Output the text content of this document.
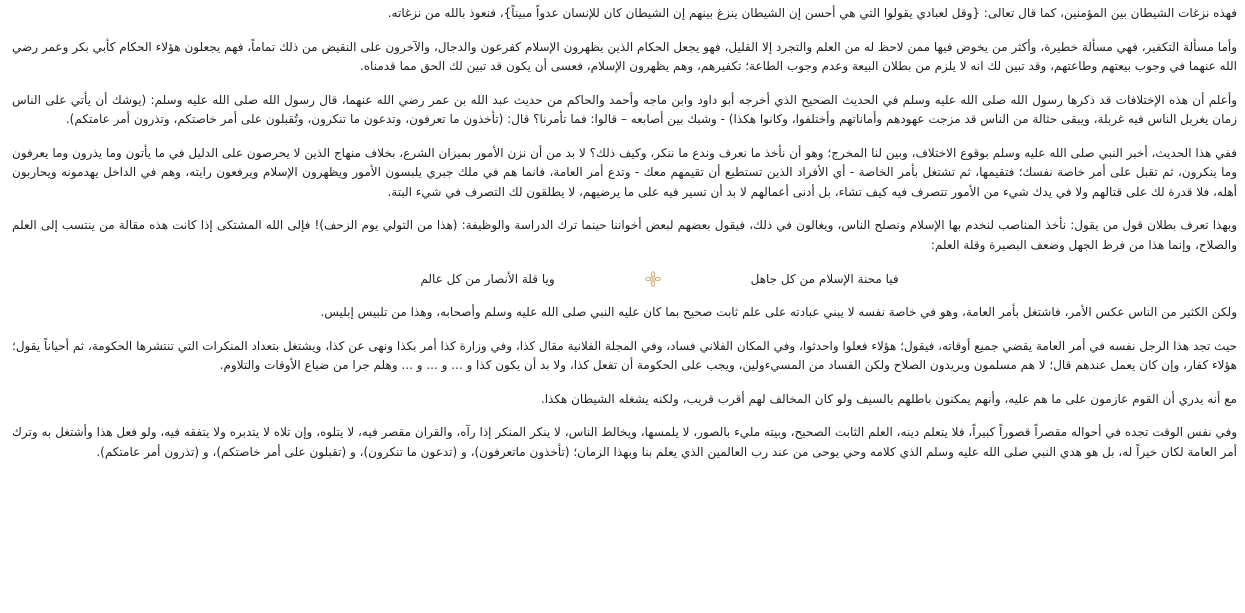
فهذه نزغات الشيطان بين المؤمنين، كما قال تعالى: {وقل لعبادي يقولوا التي هي أحسن إن الشيطان ينزغ بينهم إن الشيطان كان للإنسان عدواً مبيناً}، فنعوذ بالله من نزغاته.

وأما مسألة التكفير، فهي مسألة خطيرة، وأكثر من يخوض فيها ممن لاحظ له من العلم والتجرد إلا القليل، فهو يجعل الحكام الذين يظهرون الإسلام كفرعون والدجال، والآخرون على النقيض من ذلك تماماً، فهم يجعلون هؤلاء الحكام كأبي بكر وعمر رضي الله عنهما في وجوب بيعتهم وطاعتهم، وقد تبين لك انه لا يلزم من بطلان البيعة وعدم وجوب الطاعة؛ تكفيرهم، وهم يظهرون الإسلام، فعسى أن يكون قد تبين لك الحق مما قدمناه.

وأعلم أن هذه الإختلافات قد ذكرها رسول الله صلى الله عليه وسلم في الحديث الصحيح الذي أخرجه أبو داود وابن ماجه وأحمد والحاكم من حديث عبد الله بن عمر رضي الله عنهما، قال رسول الله صلى الله عليه وسلم: (يوشك أن يأتي على الناس زمان يغربل الناس فيه غربلة، ويبقى حثالة من الناس قد مزجت عهودهم وأماناتهم وأختلفوا، وكانوا هكذا) - وشبك بين أصابعه – قالوا: فما تأمرنا؟ قال: (تأخذون ما تعرفون، وتدعون ما تنكرون، وتُقبلون على أمر خاصتكم، وتذرون أمر عامتكم).

ففي هذا الحديث، أخبر النبي صلى الله عليه وسلم بوقوع الاختلاف، وبين لنا المخرج؛ وهو أن نأخذ ما نعرف وندع ما ننكر، وكيف ذلك؟ لا بد من أن نزن الأمور بميزان الشرع، بخلاف منهاج الذين لا يحرصون على الدليل في ما يأتون وما يذرون وما يعرفون وما ينكرون، ثم تقبل على أمر خاصة نفسك؛ فتقيمها، ثم تشتغل بأمر الخاصة - أي الأفراد الذين تستطيع أن تقيمهم معك - وتدع أمر العامة، فانما هم في ملك جبري يلبسون الأمور ويظهرون الإسلام ويرفعون رايته، وهم في الداخل يهدمونه ويحاربون أهله، فلا قدرة لك على قتالهم ولا في يدك شيء من الأمور تتصرف فيه كيف تشاء، بل أدنى أعمالهم لا بد أن تسير فيه على ما يرضيهم، لا يطلقون لك التصرف في شيء البتة.

وبهذا تعرف بطلان قول من يقول: نأخذ المناصب لنخدم بها الإسلام ونصلح الناس، ويغالون في ذلك، فيقول بعضهم لبعض أخواننا حينما ترك الدراسة والوظيفة: (هذا من التولي يوم الزحف)! فإلى الله المشتكى إذا كانت هذه مقالة من ينتسب إلى العلم والصلاح، وإنما هذا من فرط الجهل وضعف البصيرة وقلة العلم:

فيا محنة الإسلام من كل جاهل
ويا قلة الأنصار من كل عالم

ولكن الكثير من الناس عكس الأمر، فاشتغل بأمر العامة، وهو في خاصة نفسه لا يبني عبادته على علم ثابت صحيح بما كان عليه النبي صلى الله عليه وسلم وأصحابه، وهذا من تلبيس إبليس.

حيث تجد هذا الرجل نفسه في أمر العامة يقضي جميع أوقاته، فيقول؛ هؤلاء فعلوا واحدثوا، وفي المكان الفلاني فساد، وفي المجلة الفلانية مقال كذا، وفي وزارة كذا أمر بكذا ونهى عن كذا، ويشتغل بتعداد المنكرات التي تنتشرها الحكومة، ثم أحياناً يقول؛ هؤلاء كفار، وإن كان يعمل عندهم قال؛ لا هم مسلمون ويريدون الصلاح ولكن الفساد من المسيءولين، ويجب على الحكومة أن تفعل كذا، ولا بد أن يكون كذا و ... و ... و ... وهلم جرا من ضياع الأوقات والتلاوم.

مع أنه يدري أن القوم عازمون على ما هم عليه، وأنهم يمكنون باطلهم بالسيف ولو كان المخالف لهم أقرب قريب، ولكنه يشغله الشيطان هكذا.

وفي نفس الوقت تجده في أحواله مقصراً قصوراً كبيراً، فلا يتعلم دينه، العلم الثابت الصحيح، وبيته مليء بالصور، لا يلمسها، ويخالط الناس، لا ينكر المنكر إذا رآه، والقران مقصر فيه، لا يتلوه، وإن تلاه لا يتدبره ولا يتفقه فيه، ولو فعل هذا وأشتغل به وترك أمر العامة لكان خيراً له، بل هو هدي النبي صلى الله عليه وسلم الذي كلامه وحي يوحى من عند رب العالمين الذي يعلم بنا وبهذا الزمان؛ (تأخذون ماتعرفون)، و (تدعون ما تنكرون)، و (تقبلون على أمر خاصتكم)، و (تذرون أمر عامتكم).
